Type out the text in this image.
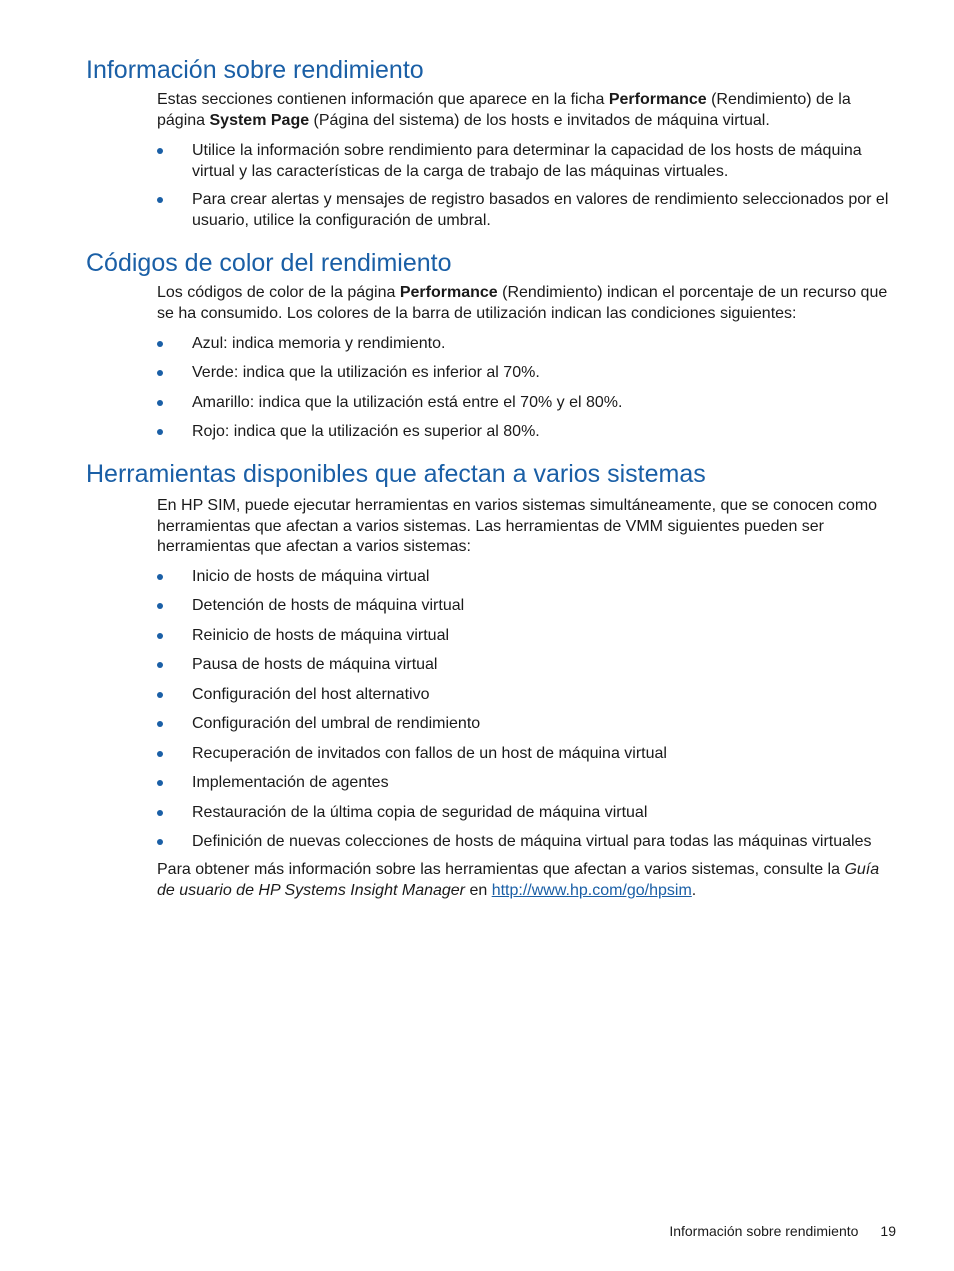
Información sobre rendimiento

Estas secciones contienen información que aparece en la ficha Performance (Rendimiento) de la página System Page (Página del sistema) de los hosts e invitados de máquina virtual.

Utilice la información sobre rendimiento para determinar la capacidad de los hosts de máquina virtual y las características de la carga de trabajo de las máquinas virtuales.
Para crear alertas y mensajes de registro basados en valores de rendimiento seleccionados por el usuario, utilice la configuración de umbral.
Códigos de color del rendimiento

Los códigos de color de la página Performance (Rendimiento) indican el porcentaje de un recurso que se ha consumido. Los colores de la barra de utilización indican las condiciones siguientes:

Azul: indica memoria y rendimiento.
Verde: indica que la utilización es inferior al 70%.
Amarillo: indica que la utilización está entre el 70% y el 80%.
Rojo: indica que la utilización es superior al 80%.
Herramientas disponibles que afectan a varios sistemas

En HP SIM, puede ejecutar herramientas en varios sistemas simultáneamente, que se conocen como herramientas que afectan a varios sistemas. Las herramientas de VMM siguientes pueden ser herramientas que afectan a varios sistemas:

Inicio de hosts de máquina virtual
Detención de hosts de máquina virtual
Reinicio de hosts de máquina virtual
Pausa de hosts de máquina virtual
Configuración del host alternativo
Configuración del umbral de rendimiento
Recuperación de invitados con fallos de un host de máquina virtual
Implementación de agentes
Restauración de la última copia de seguridad de máquina virtual
Definición de nuevas colecciones de hosts de máquina virtual para todas las máquinas virtuales

Para obtener más información sobre las herramientas que afectan a varios sistemas, consulte la Guía de usuario de HP Systems Insight Manager en http://www.hp.com/go/hpsim.

Información sobre rendimiento 19
